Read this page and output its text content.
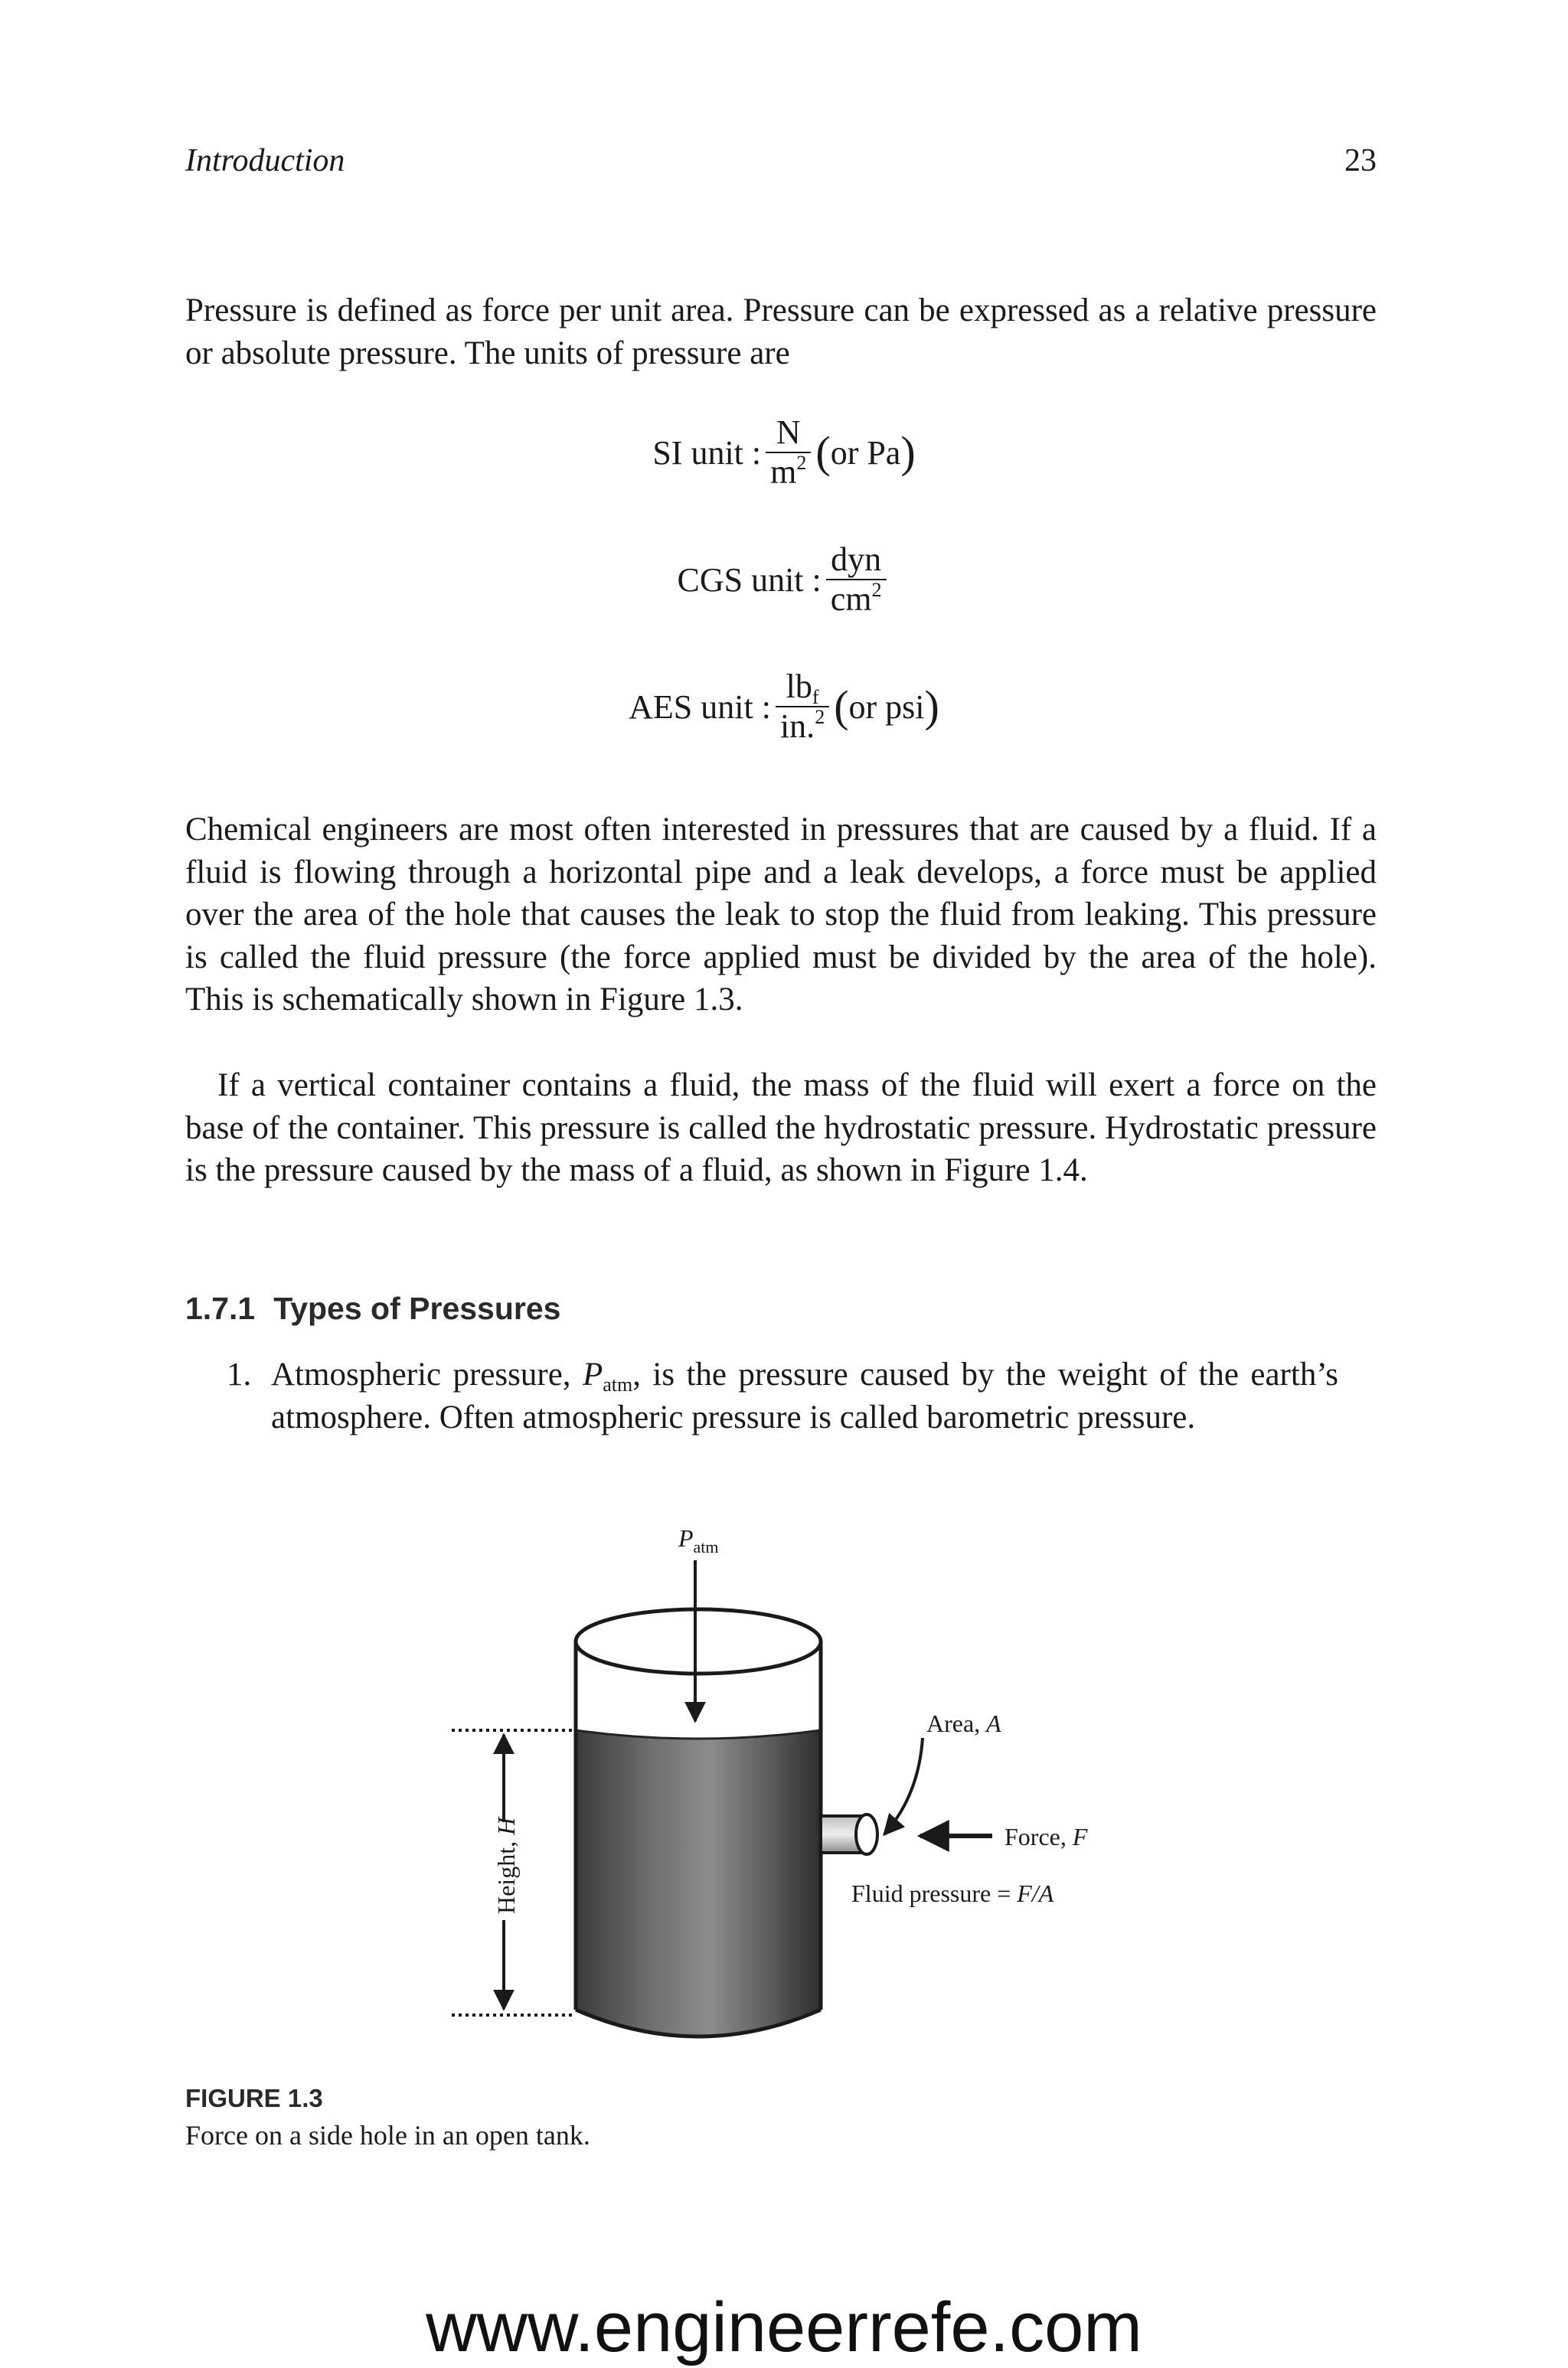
Introduction	23

Pressure is defined as force per unit area. Pressure can be expressed as a relative pressure or absolute pressure. The units of pressure are

SI unit : $\frac{N}{m^2}$ ( or Pa )
CGS unit : $\frac{\text{dyn}}{cm^2}$
AES unit : $\frac{lb_f}{in.^2}$ ( or psi )

Chemical engineers are most often interested in pressures that are caused by a fluid. If a fluid is flowing through a horizontal pipe and a leak develops, a force must be applied over the area of the hole that causes the leak to stop the fluid from leaking. This pressure is called the fluid pressure (the force applied must be divided by the area of the hole). This is schematically shown in Figure 1.3.

If a vertical container contains a fluid, the mass of the fluid will exert a force on the base of the container. This pressure is called the hydrostatic pressure. Hydrostatic pressure is the pressure caused by the mass of a fluid, as shown in Figure 1.4.

1.7.1 Types of Pressures
1. Atmospheric pressure, $P_{atm}$, is the pressure caused by the weight of the earth’s atmosphere. Often atmospheric pressure is called barometric pressure.
$P_{atm}$
Area, A
Force, F
Fluid pressure = F/A
Height, H
FIGURE 1.3
Force on a side hole in an open tank.
www.engineerrefe.com
